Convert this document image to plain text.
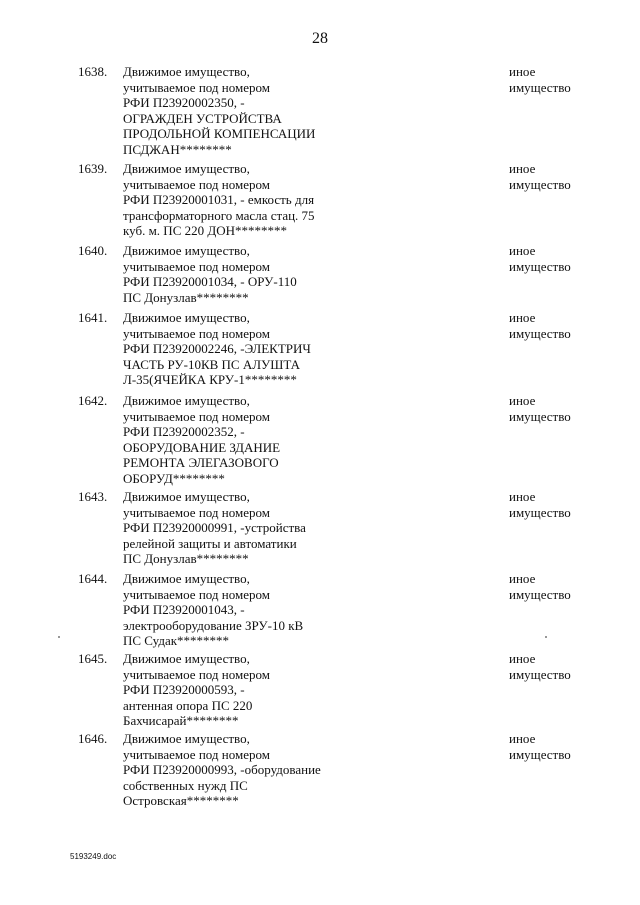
28
1638. Движимое имущество,
учитываемое под номером
РФИ П23920002350, -
ОГРАЖДЕН УСТРОЙСТВА
ПРОДОЛЬНОЙ КОМПЕНСАЦИИ
ПСДЖАН********
иное
имущество
1639. Движимое имущество,
учитываемое под номером
РФИ П23920001031, - емкость для
трансформаторного масла стац. 75
куб. м. ПС 220 ДОН********
иное
имущество
1640. Движимое имущество,
учитываемое под номером
РФИ П23920001034, - ОРУ-110
ПС Донузлав********
иное
имущество
1641. Движимое имущество,
учитываемое под номером
РФИ П23920002246, -ЭЛЕКТРИЧ
ЧАСТЬ РУ-10КВ ПС АЛУШТА
Л-35(ЯЧЕЙКА КРУ-1********
иное
имущество
1642. Движимое имущество,
учитываемое под номером
РФИ П23920002352, -
ОБОРУДОВАНИЕ ЗДАНИЕ
РЕМОНТА ЭЛЕГАЗОВОГО
ОБОРУД********
иное
имущество
1643. Движимое имущество,
учитываемое под номером
РФИ П23920000991, -устройства
релейной защиты и автоматики
ПС Донузлав********
иное
имущество
1644. Движимое имущество,
учитываемое под номером
РФИ П23920001043, -
электрооборудование ЗРУ-10 кВ
ПС Судак********
иное
имущество
1645. Движимое имущество,
учитываемое под номером
РФИ П23920000593, -
антенная опора ПС 220
Бахчисарай********
иное
имущество
1646. Движимое имущество,
учитываемое под номером
РФИ П23920000993, -оборудование
собственных нужд ПС
Островская********
иное
имущество
5193249.doc
